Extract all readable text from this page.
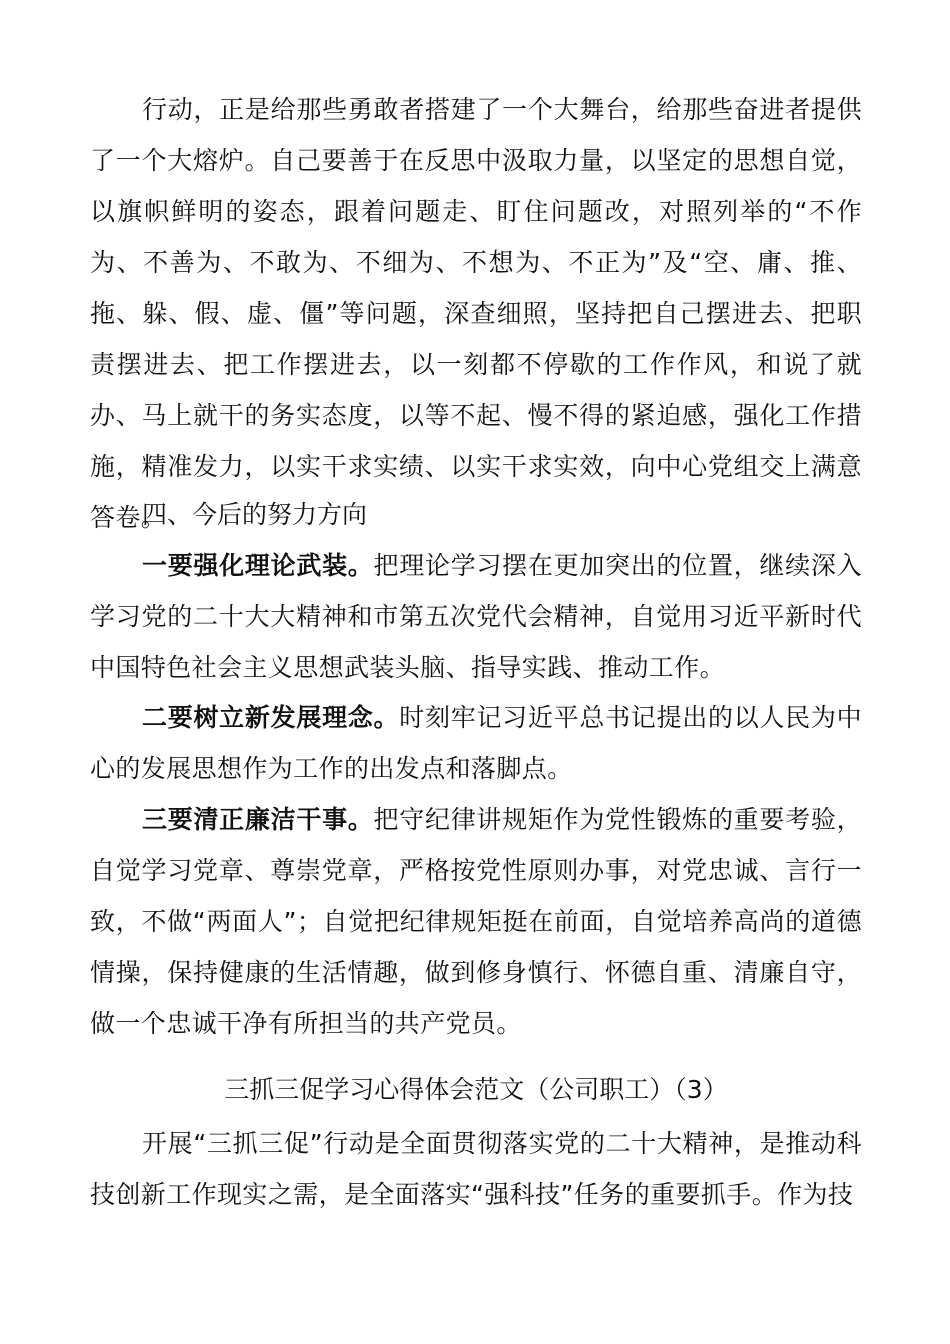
行动，正是给那些勇敢者搭建了一个大舞台，给那些奋进者提供了一个大熔炉。自己要善于在反思中汲取力量，以坚定的思想自觉，以旗帜鲜明的姿态，跟着问题走、盯住问题改，对照列举的“不作为、不善为、不敢为、不细为、不想为、不正为”及“空、庸、推、拖、躲、假、虚、僵”等问题，深查细照，坚持把自己摆进去、把职责摆进去、把工作摆进去，以一刻都不停歇的工作作风，和说了就办、马上就干的务实态度，以等不起、慢不得的紧迫感，强化工作措施，精准发力，以实干求实绩、以实干求实效，向中心党组交上满意答卷。

四、今后的努力方向

一要强化理论武装。把理论学习摆在更加突出的位置，继续深入学习党的二十大大精神和市第五次党代会精神，自觉用习近平新时代中国特色社会主义思想武装头脑、指导实践、推动工作。

二要树立新发展理念。时刻牢记习近平总书记提出的以人民为中心的发展思想作为工作的出发点和落脚点。

三要清正廉洁干事。把守纪律讲规矩作为党性锻炼的重要考验，自觉学习党章、尊崇党章，严格按党性原则办事，对党忠诚、言行一致，不做“两面人”；自觉把纪律规矩挺在前面，自觉培养高尚的道德情操，保持健康的生活情趣，做到修身慎行、怀德自重、清廉自守，做一个忠诚干净有所担当的共产党员。

三抓三促学习心得体会范文（公司职工）（3）

开展“三抓三促”行动是全面贯彻落实党的二十大精神，是推动科技创新工作现实之需，是全面落实“强科技”任务的重要抓手。作为技
